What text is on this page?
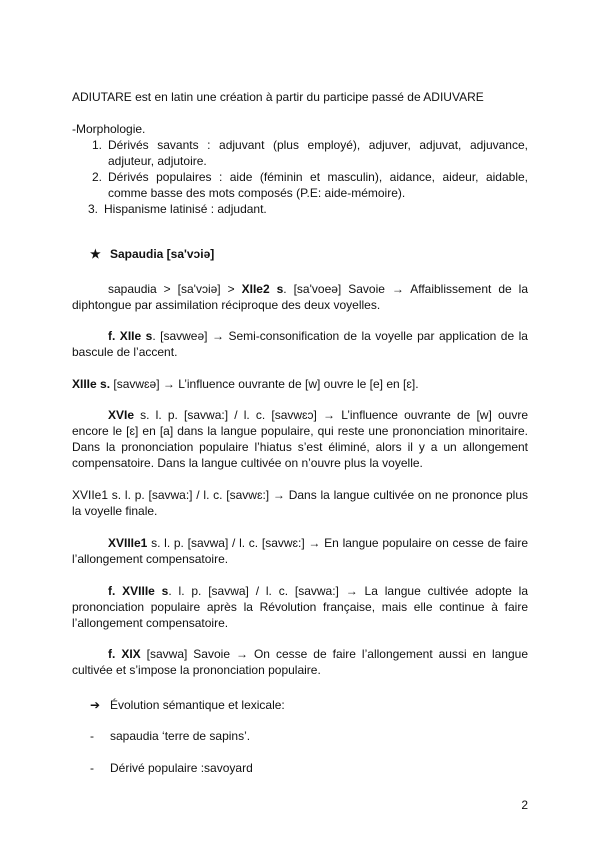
ADIUTARE est en latin une création à partir du participe passé de ADIUVARE
-Morphologie.
1. Dérivés savants : adjuvant (plus employé), adjuver, adjuvat, adjuvance, adjuteur, adjutoire.
2. Dérivés populaires : aide (féminin et masculin), aidance, aideur, aidable, comme basse des mots composés (P.E: aide-mémoire).
3. Hispanisme latinisé : adjudant.
★ Sapaudia [sa'vɔiə]
sapaudia > [sa'vɔiə] > XIIe2 s. [sa'voeə] Savoie → Affaiblissement de la diphtongue par assimilation réciproque des deux voyelles.
f. XIIe s. [savweə] → Semi-consonification de la voyelle par application de la bascule de l’accent.
XIIIe s. [savwɛə] → L’influence ouvrante de [w] ouvre le [e] en [ɛ].
XVIe s. l. p. [savwa:] / l. c. [savwɛɔ] → L’influence ouvrante de [w] ouvre encore le [ɛ] en [a] dans la langue populaire, qui reste une prononciation minoritaire. Dans la prononciation populaire l’hiatus s’est éliminé, alors il y a un allongement compensatoire. Dans la langue cultivée on n’ouvre plus la voyelle.
XVIIe1 s. l. p. [savwa:] / l. c. [savwɛ:] → Dans la langue cultivée on ne prononce plus la voyelle finale.
XVIIIe1 s. l. p. [savwa] / l. c. [savwɛ:] → En langue populaire on cesse de faire l’allongement compensatoire.
f. XVIIIe s. l. p. [savwa] / l. c. [savwa:] → La langue cultivée adopte la prononciation populaire après la Révolution française, mais elle continue à faire l’allongement compensatoire.
f. XIX [savwa] Savoie → On cesse de faire l’allongement aussi en langue cultivée et s’impose la prononciation populaire.
➔ Évolution sémantique et lexicale:
- sapaudia ‘terre de sapins’.
- Dérivé populaire :savoyard
2
